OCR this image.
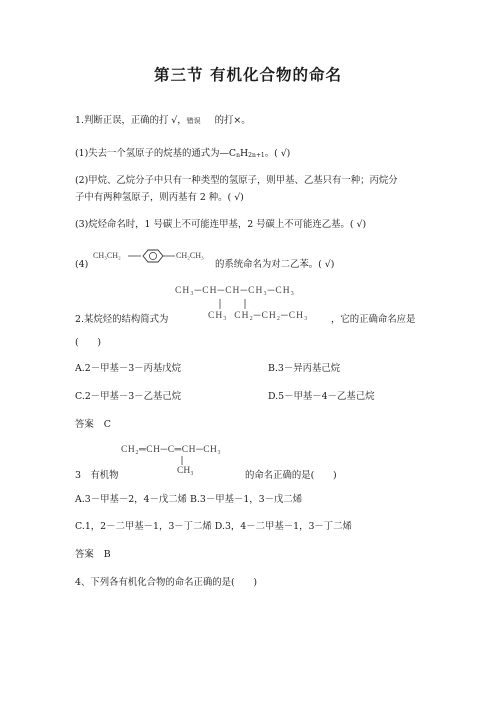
第三节 有机化合物的命名
1.判断正误，正确的打 √，错误 的打×。
(1)失去一个氢原子的烷基的通式为$—C_nH_{2n+1}$。( √)
(2)甲烷、乙烷分子中只有一种类型的氢原子，则甲基、乙基只有一种；丙烷分
子中有两种氢原子，则丙基有 2 种。( √)
(3)烷烃命名时，1 号碳上不可能连甲基，2 号碳上不可能连乙基。( √)
(4)
CH₃CH₂	CH₂CH₃
的系统命名为对二乙苯。( √)
CH₃─CH─CH─CH₃─CH₃
CH₃ CH₂─CH₂─CH₃
2.某烷烃的结构简式为	，它的正确命名应是
(　　)
A.2－甲基－3－丙基戊烷	B.3－异丙基己烷
C.2－甲基－3－乙基己烷	D.5－甲基－4－乙基己烷
答案 C
CH₂═CH─C═CH─CH₃
CH₃
3　有机物	的命名正确的是(　　)
A.3－甲基－2，4－戊二烯 B.3－甲基－1，3－戊二烯
C.1，2－二甲基－1，3－丁二烯 D.3，4－二甲基－1，3－丁二烯
答案 B
4、下列各有机化合物的命名正确的是(　　)
